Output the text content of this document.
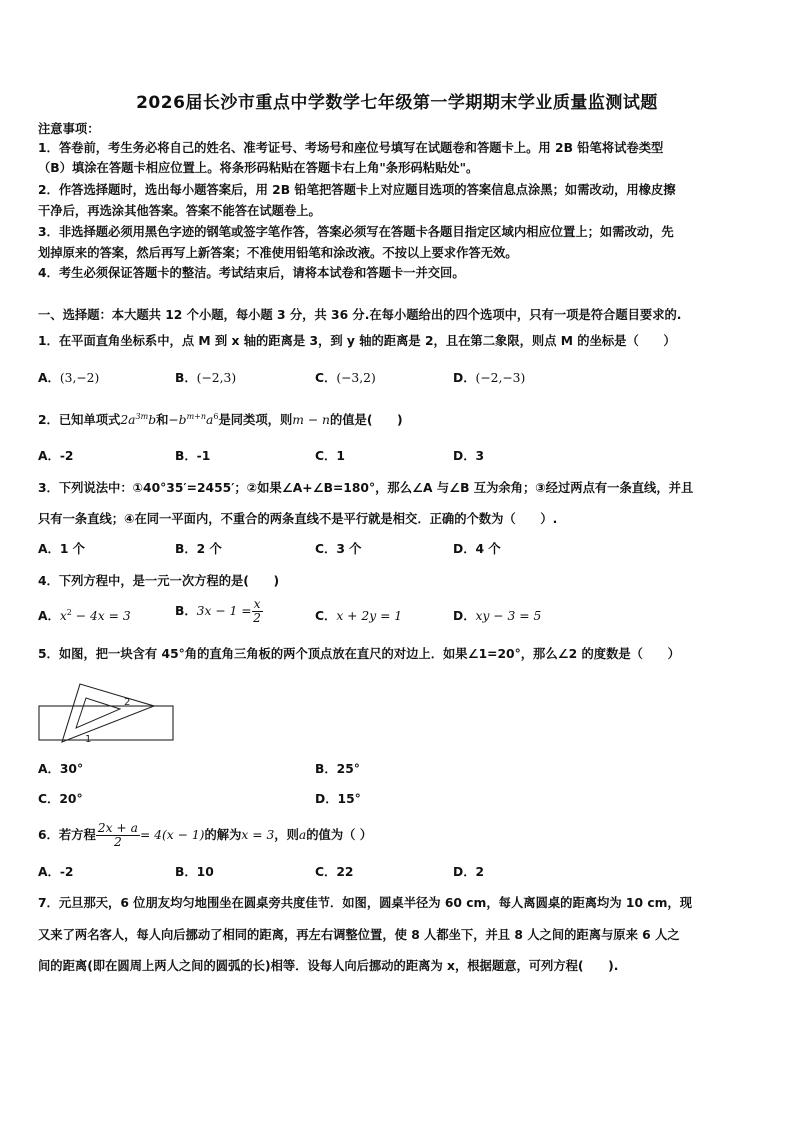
2026届长沙市重点中学数学七年级第一学期期末学业质量监测试题
注意事项：
1．答卷前，考生务必将自己的姓名、准考证号、考场号和座位号填写在试题卷和答题卡上。用 2B 铅笔将试卷类型
（B）填涂在答题卡相应位置上。将条形码粘贴在答题卡右上角"条形码粘贴处"。
2．作答选择题时，选出每小题答案后，用 2B 铅笔把答题卡上对应题目选项的答案信息点涂黑；如需改动，用橡皮擦
干净后，再选涂其他答案。答案不能答在试题卷上。
3．非选择题必须用黑色字迹的钢笔或签字笔作答，答案必须写在答题卡各题目指定区域内相应位置上；如需改动，先
划掉原来的答案，然后再写上新答案；不准使用铅笔和涂改液。不按以上要求作答无效。
4．考生必须保证答题卡的整洁。考试结束后，请将本试卷和答题卡一并交回。
一、选择题：本大题共 12 个小题，每小题 3 分，共 36 分.在每小题给出的四个选项中，只有一项是符合题目要求的.
1．在平面直角坐标系中，点 M 到 x 轴的距离是 3，到 y 轴的距离是 2，且在第二象限，则点 M 的坐标是（　　）
A．(3,−2)	B．(−2,3)	C．(−3,2)	D．(−2,−3)
2．已知单项式$2a^{3m}b$和$-b^{m+n}a^6$是同类项，则m − n的值是(　　)
A．-2	B．-1	C．1	D．3
3．下列说法中：①40°35′=2455′；②如果∠A+∠B=180°，那么∠A 与∠B 互为余角；③经过两点有一条直线，并且
只有一条直线；④在同一平面内，不重合的两条直线不是平行就是相交．正确的个数为（　　）.
A．1 个	B．2 个	C．3 个	D．4 个
4．下列方程中，是一元一次方程的是(　　)
A．$x^2 - 4x = 3$	B．$3x - 1 = \frac{x}{2}$	C．x + 2y = 1	D．xy − 3 = 5
5．如图，把一块含有 45°角的直角三角板的两个顶点放在直尺的对边上．如果∠1=20°，那么∠2 的度数是（　　）
2
1
A．30°	B．25°
C．20°	D．15°
6．若方程 $\frac{2x + a}{2} = 4(x - 1)$的解为x = 3，则a的值为（ ）
A．-2	B．10	C．22	D．2
7．元旦那天，6 位朋友均匀地围坐在圆桌旁共度佳节．如图，圆桌半径为 60 cm，每人离圆桌的距离均为 10 cm，现
又来了两名客人，每人向后挪动了相同的距离，再左右调整位置，使 8 人都坐下，并且 8 人之间的距离与原来 6 人之
间的距离(即在圆周上两人之间的圆弧的长)相等．设每人向后挪动的距离为 x，根据题意，可列方程(　　).
